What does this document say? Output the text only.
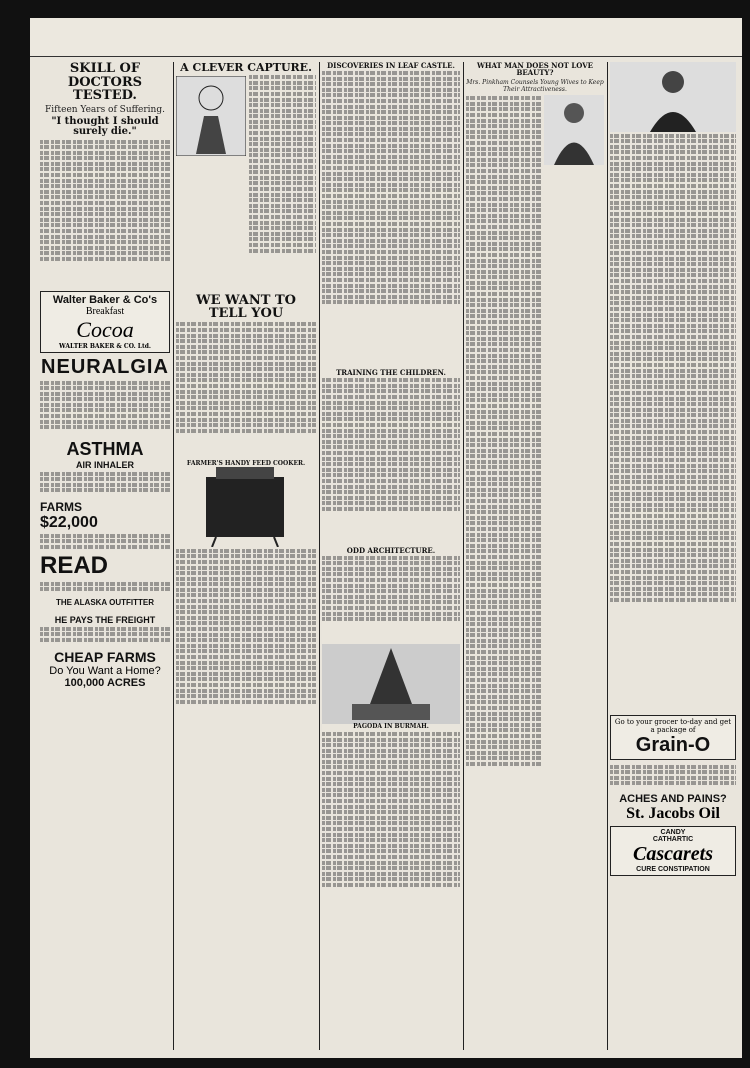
SKILL OF DOCTORS TESTED.
Fifteen Years of Suffering.
"I thought I should surely die."
Walter Baker & Co's
Breakfast
Cocoa
WALTER BAKER & CO. Ltd.
NEURALGIA
ASTHMA
AIR INHALER
FARMS
$22,000
READ
THE ALASKA OUTFITTER
HE PAYS THE FREIGHT
CHEAP FARMS
Do You Want a Home?
100,000 ACRES
A CLEVER CAPTURE.
WE WANT TO TELL YOU
FARMER'S HANDY FEED COOKER.
DISCOVERIES IN LEAF CASTLE.
TRAINING THE CHILDREN.
ODD ARCHITECTURE.
PAGODA IN BURMAH.
WHAT MAN DOES NOT LOVE BEAUTY?
Mrs. Pinkham Counsels Young Wives to Keep Their Attractiveness.
Go to your grocer to-day and get a package of
Grain-O
ACHES AND PAINS?
St. Jacobs Oil
CANDY
CATHARTIC
Cascarets
CURE CONSTIPATION
